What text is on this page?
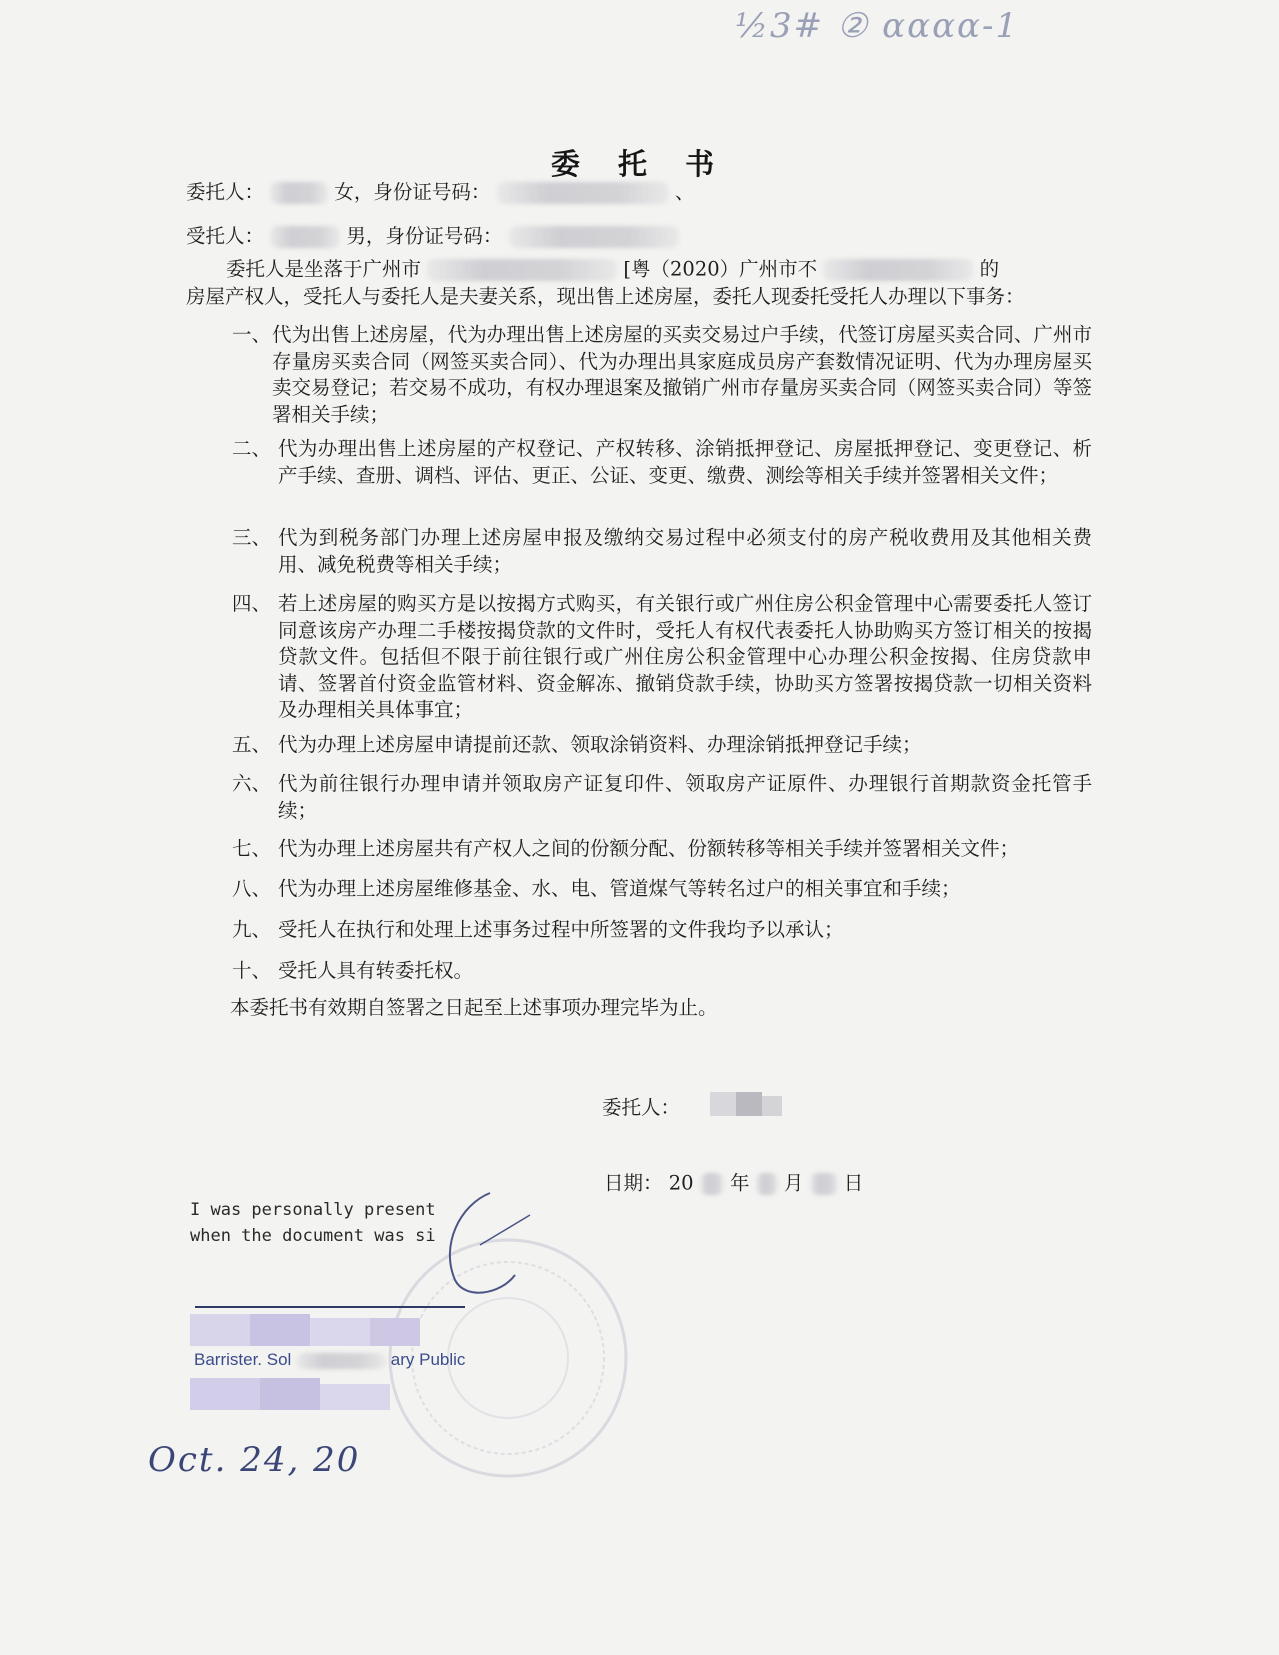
½3# ② ɑɑɑɑ-1
委 托 书
委托人：	女，身份证号码：	、
受托人：	男，身份证号码：
委托人是坐落于广州市	[粤（2020）广州市不	的
房屋产权人，受托人与委托人是夫妻关系，现出售上述房屋，委托人现委托受托人办理以下事务：
一、 代为出售上述房屋，代为办理出售上述房屋的买卖交易过户手续，代签订房屋买卖合同、广州市存量房买卖合同（网签买卖合同）、代为办理出具家庭成员房产套数情况证明、代为办理房屋买卖交易登记；若交易不成功，有权办理退案及撤销广州市存量房买卖合同（网签买卖合同）等签署相关手续；
二、 代为办理出售上述房屋的产权登记、产权转移、涂销抵押登记、房屋抵押登记、变更登记、析产手续、查册、调档、评估、更正、公证、变更、缴费、测绘等相关手续并签署相关文件；
三、 代为到税务部门办理上述房屋申报及缴纳交易过程中必须支付的房产税收费用及其他相关费用、减免税费等相关手续；
四、 若上述房屋的购买方是以按揭方式购买，有关银行或广州住房公积金管理中心需要委托人签订同意该房产办理二手楼按揭贷款的文件时，受托人有权代表委托人协助购买方签订相关的按揭贷款文件。包括但不限于前往银行或广州住房公积金管理中心办理公积金按揭、住房贷款申请、签署首付资金监管材料、资金解冻、撤销贷款手续，协助买方签署按揭贷款一切相关资料及办理相关具体事宜；
五、 代为办理上述房屋申请提前还款、领取涂销资料、办理涂销抵押登记手续；
六、 代为前往银行办理申请并领取房产证复印件、领取房产证原件、办理银行首期款资金托管手续；
七、 代为办理上述房屋共有产权人之间的份额分配、份额转移等相关手续并签署相关文件；
八、 代为办理上述房屋维修基金、水、电、管道煤气等转名过户的相关事宜和手续；
九、 受托人在执行和处理上述事务过程中所签署的文件我均予以承认；
十、 受托人具有转委托权。
本委托书有效期自签署之日起至上述事项办理完毕为止。
委托人：
日期： 20 年 月 日
I was personally present
when the document was si
Barrister. Sol	ary Public
Oct. 24, 20
